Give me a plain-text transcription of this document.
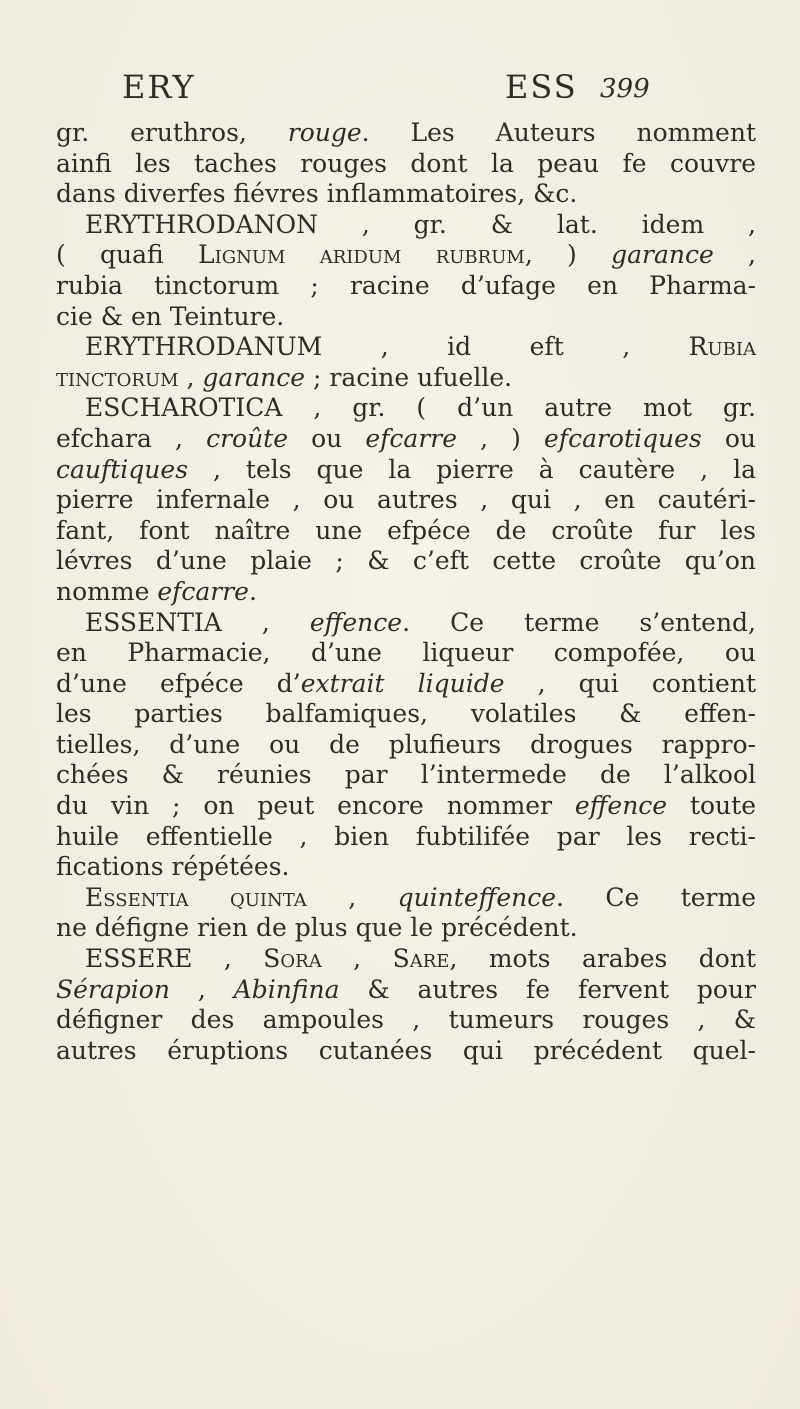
ERY	ESS 399
gr. eruthros, rouge. Les Auteurs nomment
ainfi les taches rouges dont la peau fe couvre
dans diverfes fiévres inflammatoires, &c.
ERYTHRODANON , gr. & lat. idem ,
( quafi Lignum aridum rubrum, ) garance ,
rubia tinctorum ; racine d’ufage en Pharma-
cie & en Teinture.
ERYTHRODANUM , id eft , Rubia
tinctorum , garance ; racine ufuelle.
ESCHAROTICA , gr. ( d’un autre mot gr.
efchara , croûte ou efcarre , ) efcarotiques ou
cauftiques , tels que la pierre à cautère , la
pierre infernale , ou autres , qui , en cautéri-
fant, font naître une efpéce de croûte fur les
lévres d’une plaie ; & c’eft cette croûte qu’on
nomme efcarre.
ESSENTIA , effence. Ce terme s’entend,
en Pharmacie, d’une liqueur compofée, ou
d’une efpéce d’extrait liquide , qui contient
les parties balfamiques, volatiles & effen-
tielles, d’une ou de plufieurs drogues rappro-
chées & réunies par l’intermede de l’alkool
du vin ; on peut encore nommer effence toute
huile effentielle , bien fubtilifée par les recti-
fications répétées.
Essentia quinta , quinteffence. Ce terme
ne défigne rien de plus que le précédent.
ESSERE , Sora , Sare, mots arabes dont
Sérapion , Abinfina & autres fe fervent pour
défigner des ampoules , tumeurs rouges , &
autres éruptions cutanées qui précédent quel-
